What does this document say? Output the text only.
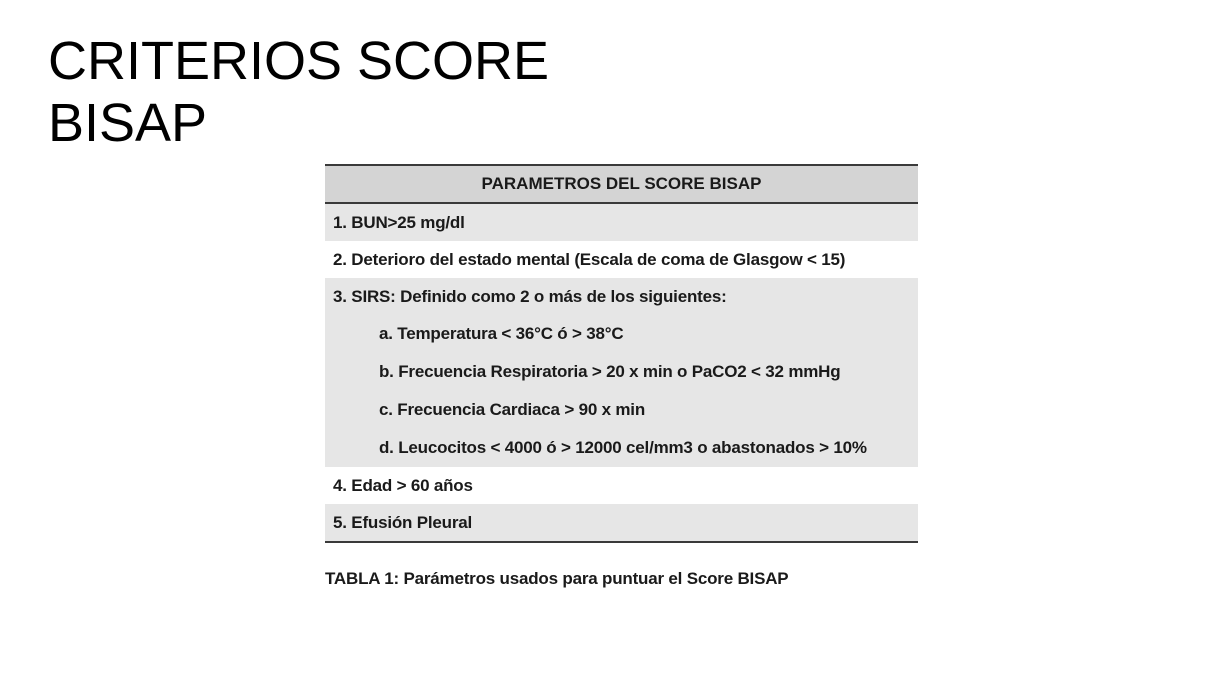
CRITERIOS SCORE
BISAP
PARAMETROS DEL SCORE BISAP
1. BUN>25 mg/dl
2. Deterioro del estado mental (Escala de coma de Glasgow < 15)
3. SIRS: Definido como 2 o más de los siguientes:
a. Temperatura < 36°C ó > 38°C
b. Frecuencia Respiratoria > 20 x min o PaCO2 < 32 mmHg
c. Frecuencia Cardiaca > 90 x min
d. Leucocitos < 4000 ó > 12000 cel/mm3 o abastonados > 10%
4. Edad > 60 años
5. Efusión Pleural
TABLA 1: Parámetros usados para puntuar el Score BISAP
